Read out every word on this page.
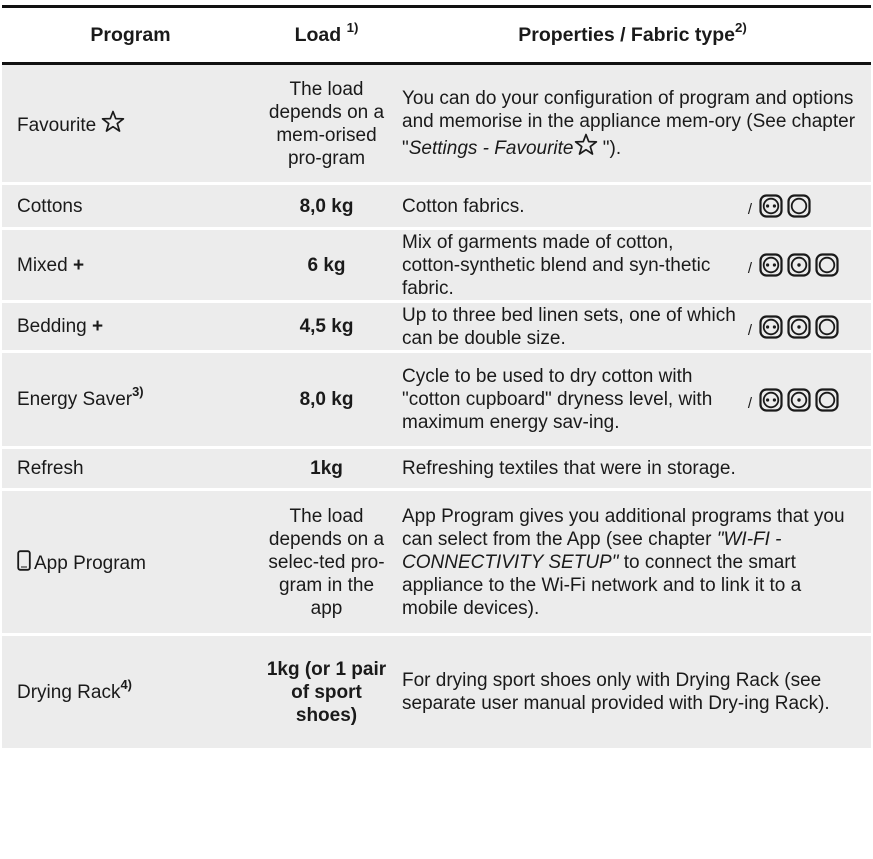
Program	Load $^{1)}$	Properties / Fabric type$^{2)}$
Favourite	The load depends on a mem-orised pro-gram	You can do your configuration of program and options and memorise in the appliance mem-ory (See chapter "Settings - Favourite ").
Cottons	8,0 kg	Cotton fabrics. /

Mixed +	6 kg	Mix of garments made of cotton, cotton-synthetic blend and syn-thetic fabric.
/

Bedding +	4,5 kg	Up to three bed linen sets, one of which can be double size. /

Energy Saver$^{3)}$	8,0 kg	Cycle to be used to dry cotton with "cotton cupboard" dryness level, with maximum energy sav-ing.
/

Refresh	1kg	Refreshing textiles that were in storage.
App Program	The load depends on a selec-ted pro-gram in the app	App Program gives you additional programs that you can select from the App (see chapter "WI-FI - CONNECTIVITY SETUP" to connect the smart appliance to the Wi-Fi network and to link it to a mobile devices).
Drying Rack$^{4)}$	1kg (or 1 pair of sport shoes)	For drying sport shoes only with Drying Rack (see separate user manual provided with Dry-ing Rack).
